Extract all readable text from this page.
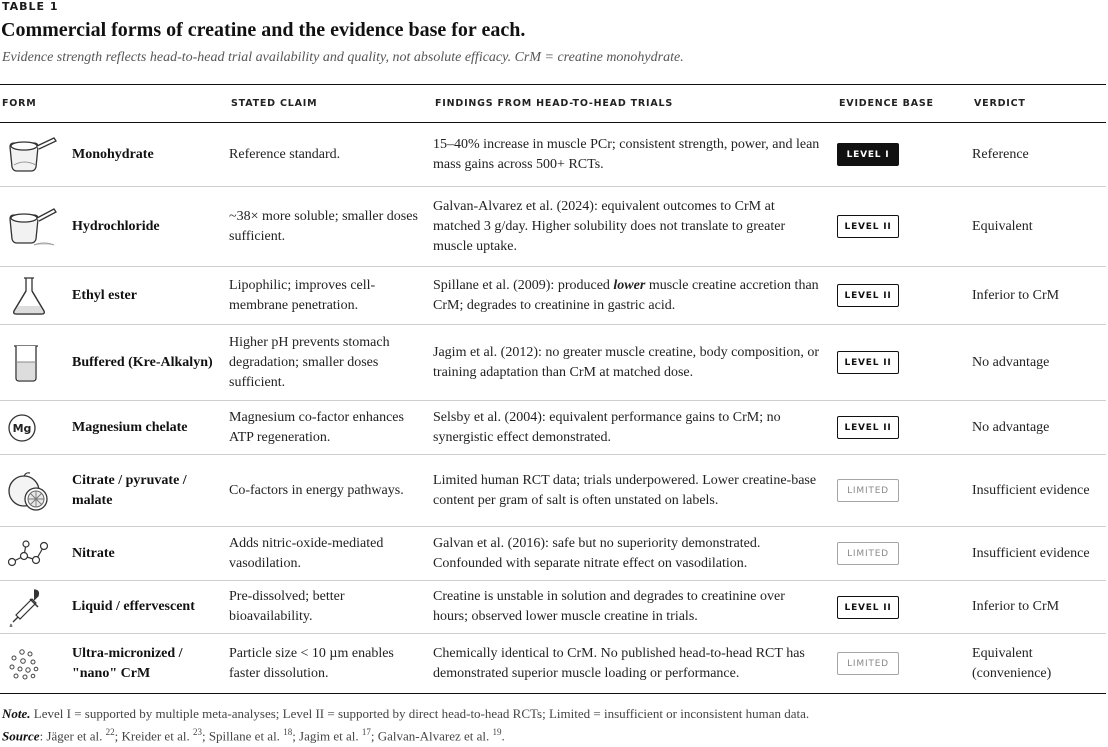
TABLE 1
Commercial forms of creatine and the evidence base for each.
Evidence strength reflects head-to-head trial availability and quality, not absolute efficacy. CrM = creatine monohydrate.
FORM		STATED CLAIM	FINDINGS FROM HEAD-TO-HEAD TRIALS	EVIDENCE BASE	VERDICT

	Monohydrate	Reference standard.	15–40% increase in muscle PCr; consistent strength, power, and lean mass gains across 500+ RCTs.	LEVEL I	Reference

	Hydrochloride	~38× more soluble; smaller doses sufficient.	Galvan-Alvarez et al. (2024): equivalent outcomes to CrM at matched 3 g/day. Higher solubility does not translate to greater muscle uptake.	LEVEL II	Equivalent

	Ethyl ester	Lipophilic; improves cell-membrane penetration.	Spillane et al. (2009): produced lower muscle creatine accretion than CrM; degrades to creatinine in gastric acid.	LEVEL II	Inferior to CrM

	Buffered (Kre-Alkalyn)	Higher pH prevents stomach degradation; smaller doses sufficient.	Jagim et al. (2012): no greater muscle creatine, body composition, or training adaptation than CrM at matched dose.	LEVEL II	No advantage

Mg	Magnesium chelate	Magnesium co-factor enhances ATP regeneration.	Selsby et al. (2004): equivalent performance gains to CrM; no synergistic effect demonstrated.	LEVEL II	No advantage

	Citrate / pyruvate / malate	Co-factors in energy pathways.	Limited human RCT data; trials underpowered. Lower creatine-base content per gram of salt is often unstated on labels.	LIMITED	Insufficient evidence

	Nitrate	Adds nitric-oxide-mediated vasodilation.	Galvan et al. (2016): safe but no superiority demonstrated. Confounded with separate nitrate effect on vasodilation.	LIMITED	Insufficient evidence

	Liquid / effervescent	Pre-dissolved; better bioavailability.	Creatine is unstable in solution and degrades to creatinine over hours; observed lower muscle creatine in trials.	LEVEL II	Inferior to CrM

	Ultra-micronized / "nano" CrM	Particle size < 10 µm enables faster dissolution.	Chemically identical to CrM. No published head-to-head RCT has demonstrated superior muscle loading or performance.	LIMITED	Equivalent (convenience)
Note. Level I = supported by multiple meta-analyses; Level II = supported by direct head-to-head RCTs; Limited = insufficient or inconsistent human data.
Source: Jäger et al. $^{22}$; Kreider et al. $^{23}$; Spillane et al. $^{18}$; Jagim et al. $^{17}$; Galvan-Alvarez et al. $^{19}$.
